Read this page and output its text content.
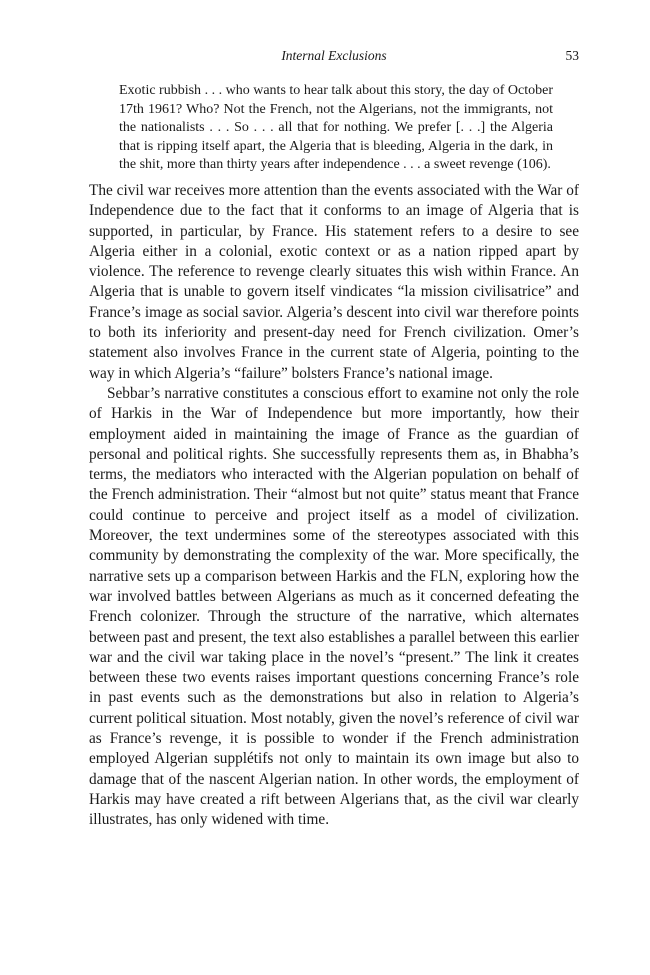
Internal Exclusions	53
Exotic rubbish . . . who wants to hear talk about this story, the day of October 17th 1961? Who? Not the French, not the Algerians, not the immigrants, not the nationalists . . . So . . . all that for nothing. We prefer [. . .] the Algeria that is ripping itself apart, the Algeria that is bleeding, Algeria in the dark, in the shit, more than thirty years after independence . . . a sweet revenge (106).

The civil war receives more attention than the events associated with the War of Independence due to the fact that it conforms to an image of Algeria that is supported, in particular, by France. His statement refers to a desire to see Algeria either in a colonial, exotic context or as a nation ripped apart by violence. The reference to revenge clearly situates this wish within France. An Algeria that is unable to govern itself vindicates “la mission civilisatrice” and France’s image as social savior. Algeria’s descent into civil war therefore points to both its inferiority and present-day need for French civilization. Omer’s statement also involves France in the current state of Algeria, pointing to the way in which Algeria’s “failure” bolsters France’s national image.

Sebbar’s narrative constitutes a conscious effort to examine not only the role of Harkis in the War of Independence but more importantly, how their employment aided in maintaining the image of France as the guardian of personal and political rights. She successfully represents them as, in Bhabha’s terms, the mediators who interacted with the Algerian population on behalf of the French administration. Their “almost but not quite” status meant that France could continue to perceive and project itself as a model of civilization. Moreover, the text undermines some of the stereotypes associated with this community by demonstrating the complexity of the war. More specifically, the narrative sets up a comparison between Harkis and the FLN, exploring how the war involved battles between Algerians as much as it concerned defeating the French colonizer. Through the structure of the narrative, which alternates between past and present, the text also establishes a parallel between this earlier war and the civil war taking place in the novel’s “present.” The link it creates between these two events raises important questions concerning France’s role in past events such as the demonstrations but also in relation to Algeria’s current political situation. Most notably, given the novel’s reference of civil war as France’s revenge, it is possible to wonder if the French administration employed Algerian supplétifs not only to maintain its own image but also to damage that of the nascent Algerian nation. In other words, the employment of Harkis may have created a rift between Algerians that, as the civil war clearly illustrates, has only widened with time.
